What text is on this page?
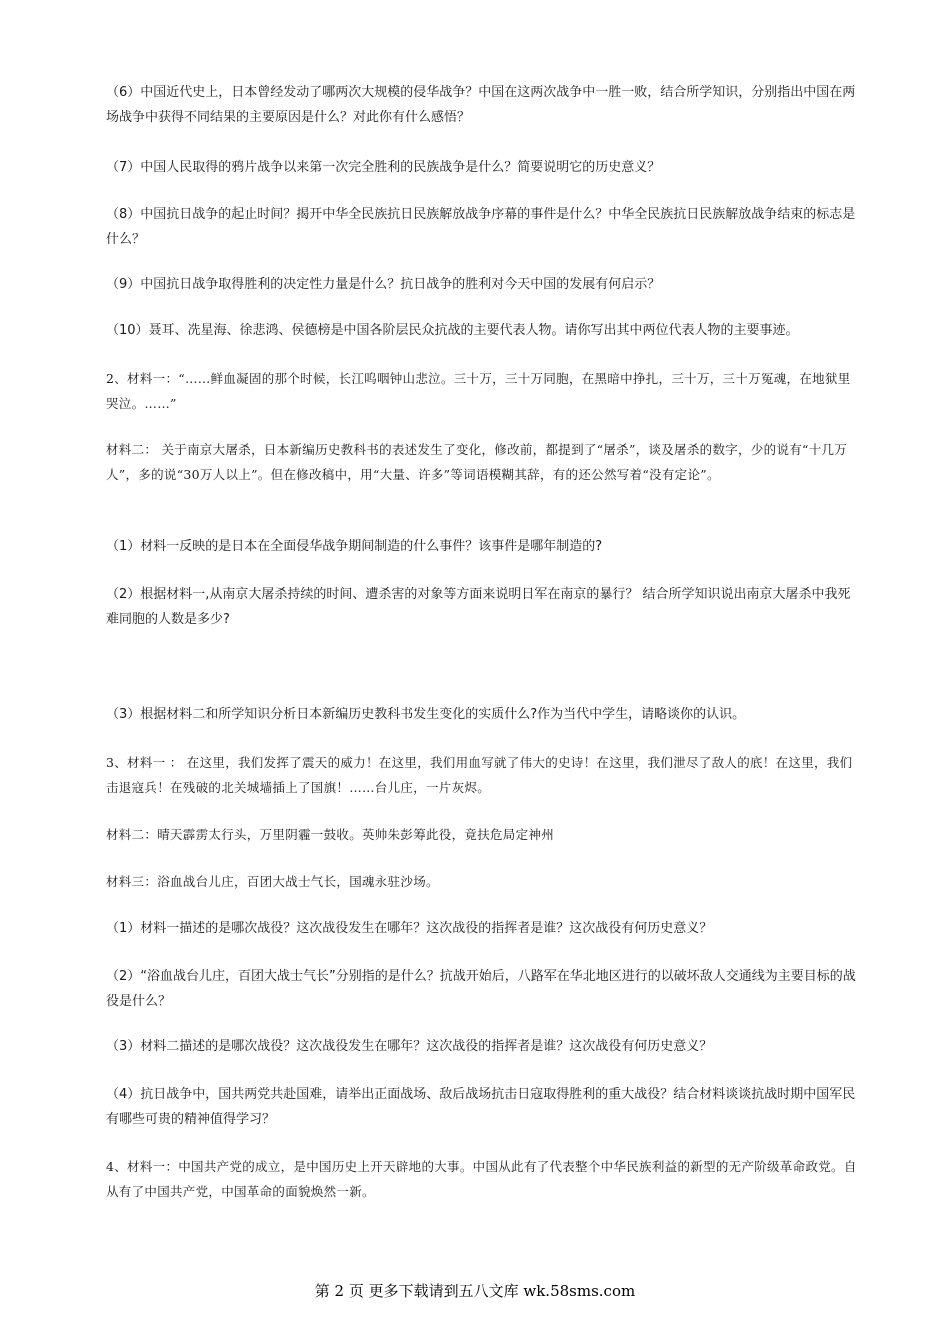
（6）中国近代史上，日本曾经发动了哪两次大规模的侵华战争？中国在这两次战争中一胜一败，结合所学知识，分别指出中国在两场战争中获得不同结果的主要原因是什么？对此你有什么感悟？

（7）中国人民取得的鸦片战争以来第一次完全胜利的民族战争是什么？简要说明它的历史意义？

（8）中国抗日战争的起止时间？揭开中华全民族抗日民族解放战争序幕的事件是什么？中华全民族抗日民族解放战争结束的标志是什么？

（9）中国抗日战争取得胜利的决定性力量是什么？抗日战争的胜利对今天中国的发展有何启示？

（10）聂耳、冼星海、徐悲鸿、侯德榜是中国各阶层民众抗战的主要代表人物。请你写出其中两位代表人物的主要事迹。

2、材料一：“……鲜血凝固的那个时候，长江呜咽钟山悲泣。三十万，三十万同胞，在黑暗中挣扎，三十万，三十万冤魂，在地狱里哭泣。……”

材料二： 关于南京大屠杀，日本新编历史教科书的表述发生了变化，修改前，都提到了“屠杀”，谈及屠杀的数字，少的说有“十几万人”，多的说“30万人以上”。但在修改稿中，用“大量、许多”等词语模糊其辞，有的还公然写着“没有定论”。

（1）材料一反映的是日本在全面侵华战争期间制造的什么事件？该事件是哪年制造的?

（2）根据材料一,从南京大屠杀持续的时间、遭杀害的对象等方面来说明日军在南京的暴行？ 结合所学知识说出南京大屠杀中我死难同胞的人数是多少?

（3）根据材料二和所学知识分析日本新编历史教科书发生变化的实质什么?作为当代中学生，请略谈你的认识。

3、材料一 ： 在这里，我们发挥了震天的威力！在这里，我们用血写就了伟大的史诗！在这里，我们泄尽了敌人的底！在这里，我们击退寇兵！在残破的北关城墙插上了国旗！……台儿庄，一片灰烬。

材料二：晴天霹雳太行头，万里阴霾一鼓收。英帅朱彭筹此役，竟扶危局定神州

材料三：浴血战台儿庄，百团大战士气长，国魂永驻沙场。

（1）材料一描述的是哪次战役？这次战役发生在哪年？这次战役的指挥者是谁？这次战役有何历史意义？

（2）“浴血战台儿庄，百团大战士气长”分别指的是什么？抗战开始后，八路军在华北地区进行的以破坏敌人交通线为主要目标的战役是什么？

（3）材料二描述的是哪次战役？这次战役发生在哪年？这次战役的指挥者是谁？这次战役有何历史意义？

（4）抗日战争中，国共两党共赴国难，请举出正面战场、敌后战场抗击日寇取得胜利的重大战役？结合材料谈谈抗战时期中国军民有哪些可贵的精神值得学习？

4、材料一：中国共产党的成立，是中国历史上开天辟地的大事。中国从此有了代表整个中华民族利益的新型的无产阶级革命政党。自从有了中国共产党，中国革命的面貌焕然一新。

第 2 页 更多下载请到五八文库 wk.58sms.com
